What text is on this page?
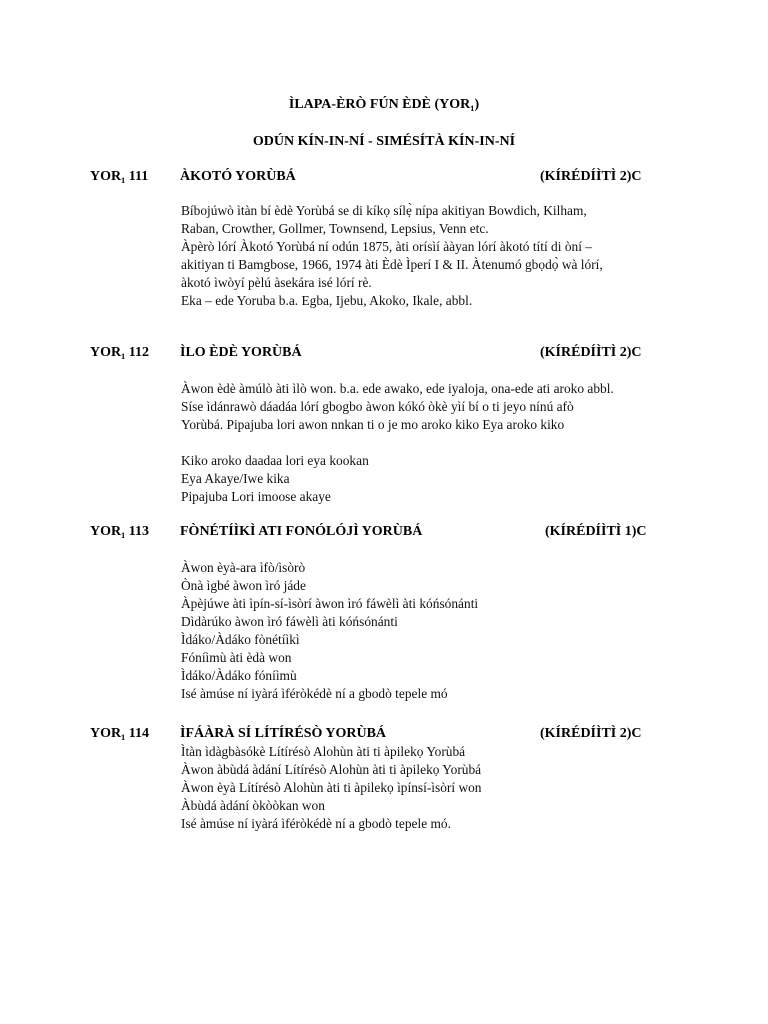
ÌLAPA-ÈRÒ FÚN ÈDÈ (YOR₁)
ODÚN KÍN-IN-NÍ - SIMÉSÍTÀ KÍN-IN-NÍ
YOR₁ 111 ÀKOTÓ YORÙBÁ	(KÍRÉDÍÌTÌ 2)C
Bíbojúwò ìtàn bí èdè Yorùbá se di kíkọ sílẹ̀ nípa akitiyan Bowdich, Kilham,
Raban, Crowther, Gollmer, Townsend, Lepsius, Venn etc.
Àpèrò lórí Àkotó Yorùbá ní odún 1875, àti orísìí ààyan lórí àkotó títí di òní –
akitiyan ti Bamgbose, 1966, 1974 àti Èdè Ìperí I & II. Àtenumó gbọdọ̀ wà lórí,
àkotó ìwòyí pèlú àsekára isé lórí rè.
Eka – ede Yoruba b.a. Egba, Ijebu, Akoko, Ikale, abbl.
YOR₁ 112 ÌLO ÈDÈ YORÙBÁ	(KÍRÉDÍÌTÌ 2)C
Àwon èdè àmúlò àti ìlò won. b.a. ede awako, ede iyaloja, ona-ede ati aroko abbl.
Síse ìdánrawò dáadáa lórí gbogbo àwon kókó òkè yìí bí o ti jeyo nínú afò
Yorùbá. Pipajuba lori awon nnkan ti o je mo aroko kiko Eya aroko kiko
Kiko aroko daadaa lori eya kookan
Eya Akaye/Iwe kika
Pipajuba Lori imoose akaye
YOR₁ 113 FÒNÉTÍÌKÌ ATI FONÓLÓJÌ YORÙBÁ	(KÍRÉDÍÌTÌ 1)C
Àwon èyà-ara ìfò/ìsòrò
Ònà ìgbé àwon ìró jáde
Àpèjúwe àti ìpín-sí-ìsòrí àwon ìró fáwèlì àti kóńsónánti
Dìdàrúko àwon ìró fáwèlì àti kóńsónánti
Ìdáko/Àdáko fònétíìkì
Fóníìmù àti èdà won
Ìdáko/Àdáko fóníìmù
Isé àmúse ní iyàrá ìféròkédè ní a gbodò tepele mó
YOR₁ 114 ÌFÁÀRÀ SÍ LÍTÍRÉSÒ YORÙBÁ	(KÍRÉDÍÌTÌ 2)C
Ìtàn ìdàgbàsókè Lítírésò Alohùn àti ti àpilekọ Yorùbá
Àwon àbùdá àdání Lítírésò Alohùn àti ti àpilekọ Yorùbá
Àwon èyà Lítírésò Alohùn àti ti àpilekọ ìpínsí-ìsòrí won
Àbùdá àdání òkòòkan won
Isé àmúse ní iyàrá ìféròkédè ní a gbodò tepele mó.
